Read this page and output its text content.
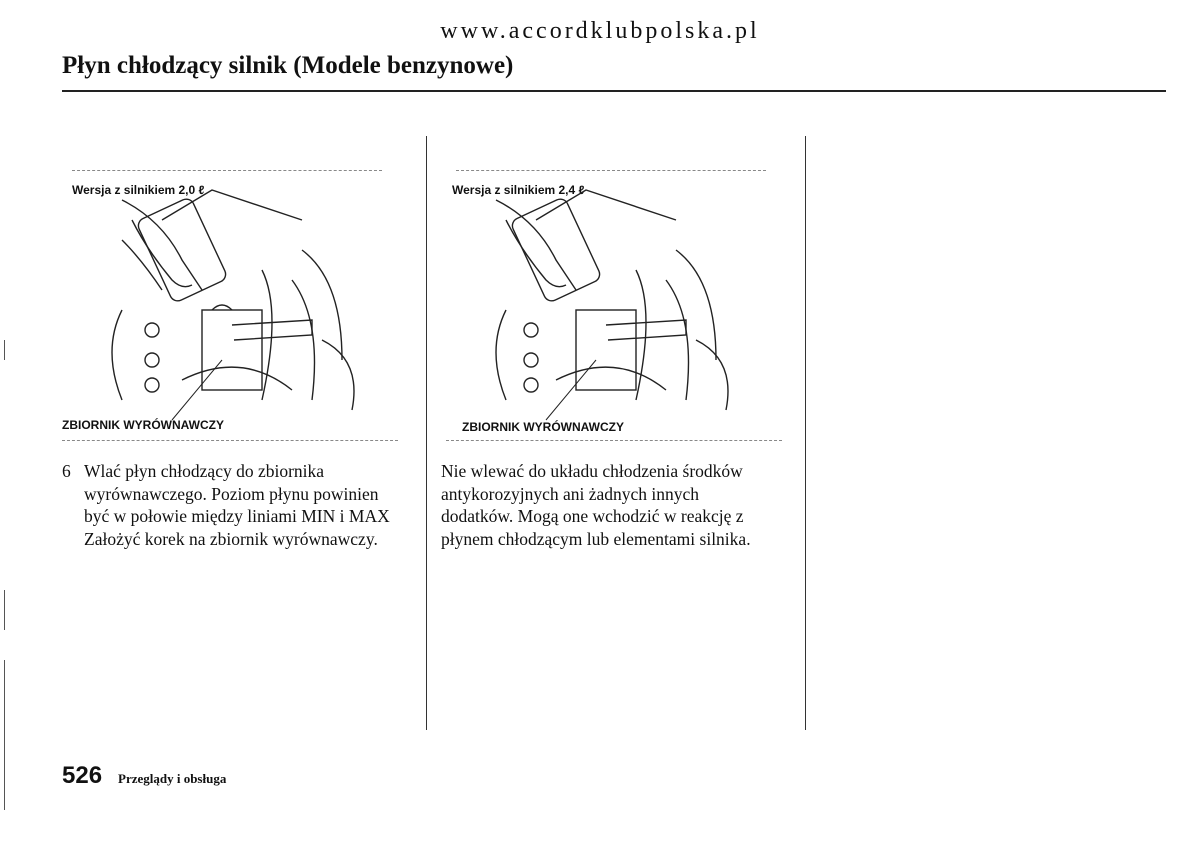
www.accordklubpolska.pl
Płyn chłodzący silnik (Modele benzynowe)
Wersja z silnikiem 2,0 ℓ
ZBIORNIK WYRÓWNAWCZY
Wersja z silnikiem 2,4 ℓ
ZBIORNIK WYRÓWNAWCZY
6 Wlać płyn chłodzący do zbiornika
wyrównawczego. Poziom płynu powinien
być w połowie między liniami MIN i MAX
Założyć korek na zbiornik wyrównawczy.
Nie wlewać do układu chłodzenia środków
antykorozyjnych ani żadnych innych
dodatków. Mogą one wchodzić w reakcję z
płynem chłodzącym lub elementami silnika.
526 Przeglądy i obsługa
